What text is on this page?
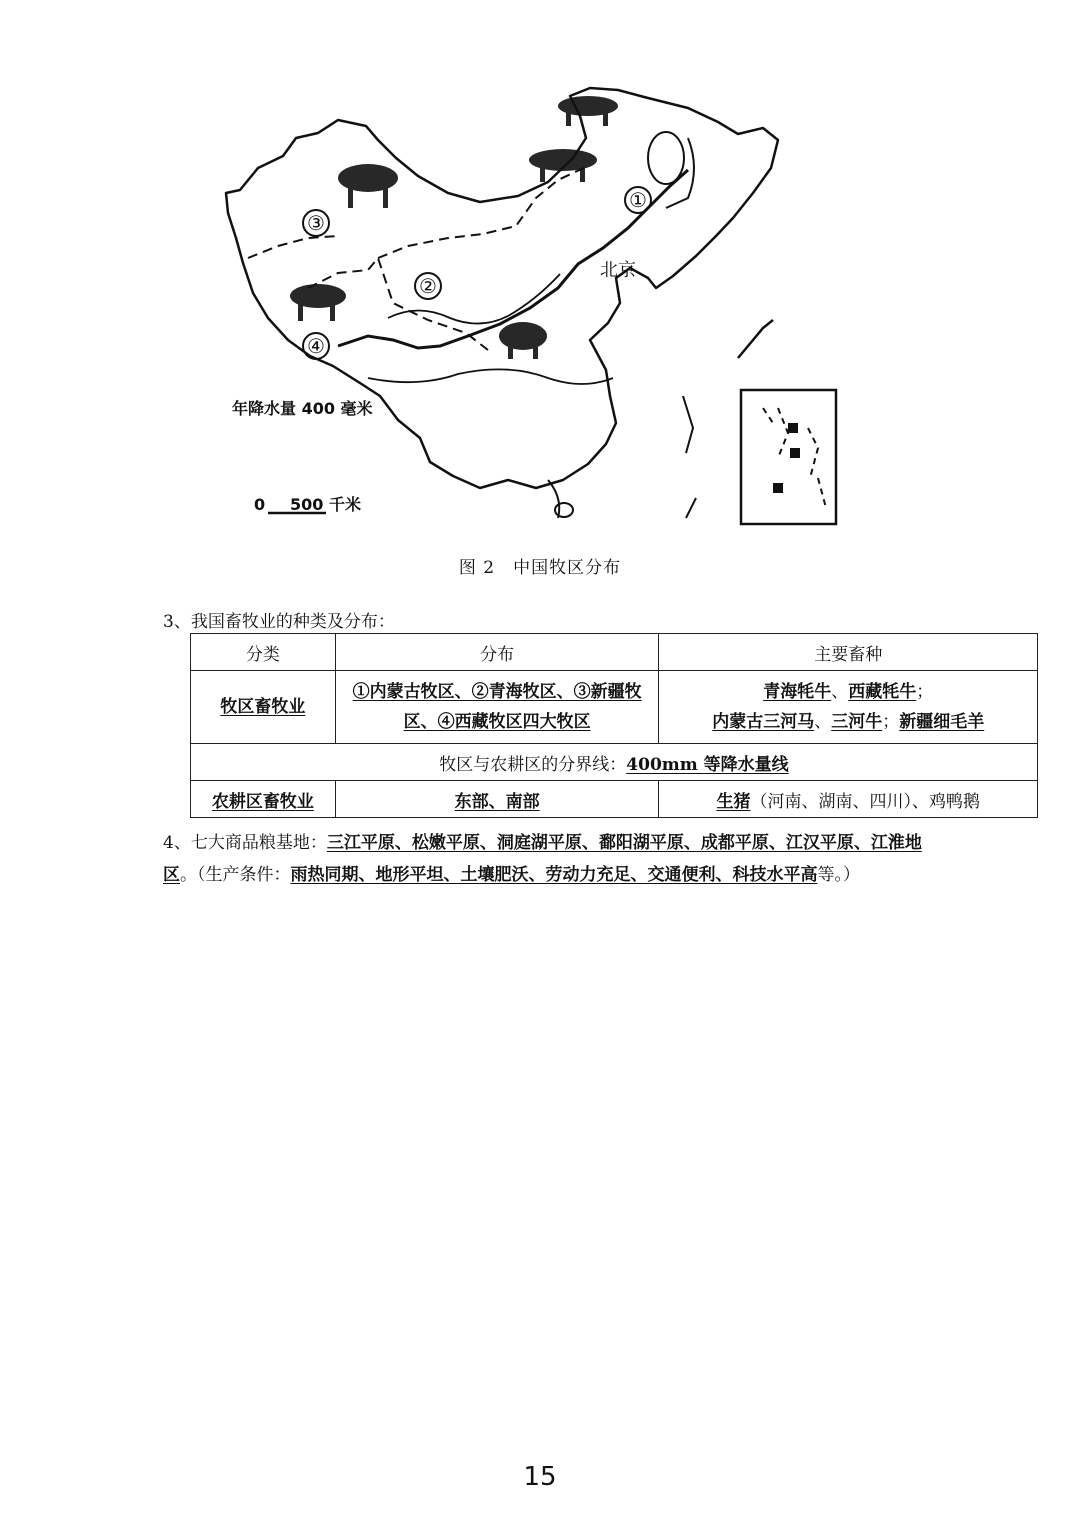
③
②
④
①
北京
年降水量 400 毫米
0 500 千米
图 2　中国牧区分布
3、我国畜牧业的种类及分布：
分类	分布	主要畜种
牧区畜牧业	①内蒙古牧区、②青海牧区、③新疆牧区、④西藏牧区四大牧区	青海牦牛、西藏牦牛；
内蒙古三河马、三河牛；新疆细毛羊
牧区与农耕区的分界线：400mm 等降水量线		
农耕区畜牧业	东部、南部	生猪（河南、湖南、四川）、鸡鸭鹅
4、七大商品粮基地：三江平原、松嫩平原、洞庭湖平原、鄱阳湖平原、成都平原、江汉平原、江淮地区。（生产条件：雨热同期、地形平坦、土壤肥沃、劳动力充足、交通便利、科技水平高等。）
15
